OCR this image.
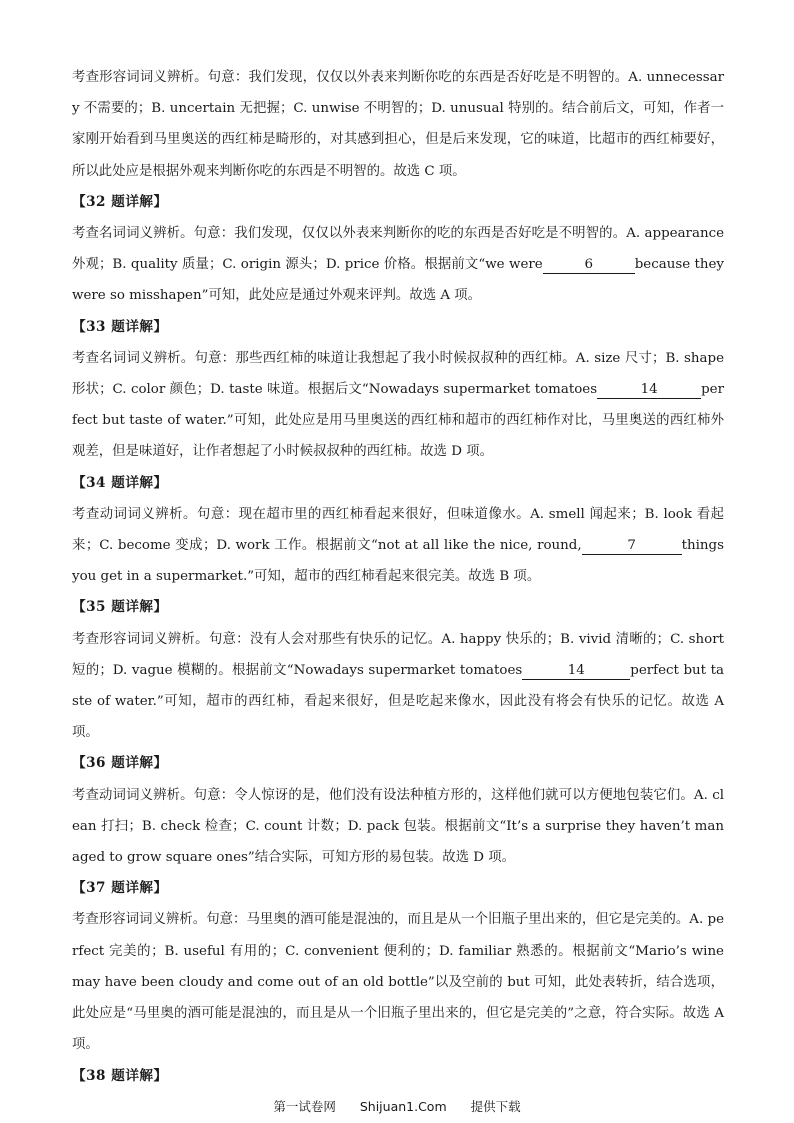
考查形容词词义辨析。句意：我们发现，仅仅以外表来判断你吃的东西是否好吃是不明智的。A. unnecessary 不需要的；B. uncertain 无把握；C. unwise 不明智的；D. unusual 特别的。结合前后文，可知，作者一家刚开始看到马里奥送的西红柿是畸形的，对其感到担心，但是后来发现，它的味道，比超市的西红柿要好，所以此处应是根据外观来判断你吃的东西是不明智的。故选 C 项。

【32 题详解】

考查名词词义辨析。句意：我们发现，仅仅以外表来判断你的吃的东西是否好吃是不明智的。A. appearance 外观；B. quality 质量；C. origin 源头；D. price 价格。根据前文“we were	6	because they were so misshapen”可知，此处应是通过外观来评判。故选 A 项。

【33 题详解】

考查名词词义辨析。句意：那些西红柿的味道让我想起了我小时候叔叔种的西红柿。A. size 尺寸；B. shape 形状；C. color 颜色；D. taste 味道。根据后文“Nowadays supermarket tomatoes	14	perfect but taste of water.”可知，此处应是用马里奥送的西红柿和超市的西红柿作对比，马里奥送的西红柿外观差，但是味道好，让作者想起了小时候叔叔种的西红柿。故选 D 项。

【34 题详解】

考查动词词义辨析。句意：现在超市里的西红柿看起来很好，但味道像水。A. smell 闻起来；B. look 看起来；C. become 变成；D. work 工作。根据前文“not at all like the nice, round,	7	things you get in a supermarket.”可知，超市的西红柿看起来很完美。故选 B 项。

【35 题详解】

考查形容词词义辨析。句意：没有人会对那些有快乐的记忆。A. happy 快乐的；B. vivid 清晰的；C. short 短的；D. vague 模糊的。根据前文“Nowadays supermarket tomatoes	14	perfect but taste of water.”可知，超市的西红柿，看起来很好，但是吃起来像水，因此没有将会有快乐的记忆。故选 A 项。

【36 题详解】

考查动词词义辨析。句意：令人惊讶的是，他们没有设法种植方形的，这样他们就可以方便地包装它们。A. clean 打扫；B. check 检查；C. count 计数；D. pack 包装。根据前文“It’s a surprise they haven’t managed to grow square ones”结合实际，可知方形的易包装。故选 D 项。

【37 题详解】

考查形容词词义辨析。句意：马里奥的酒可能是混浊的，而且是从一个旧瓶子里出来的，但它是完美的。A. perfect 完美的；B. useful 有用的；C. convenient 便利的；D. familiar 熟悉的。根据前文“Mario’s wine may have been cloudy and come out of an old bottle”以及空前的 but 可知，此处表转折，结合选项，此处应是“马里奥的酒可能是混浊的，而且是从一个旧瓶子里出来的，但它是完美的”之意，符合实际。故选 A 项。

【38 题详解】

第一试卷网 Shijuan1.Com 提供下载
